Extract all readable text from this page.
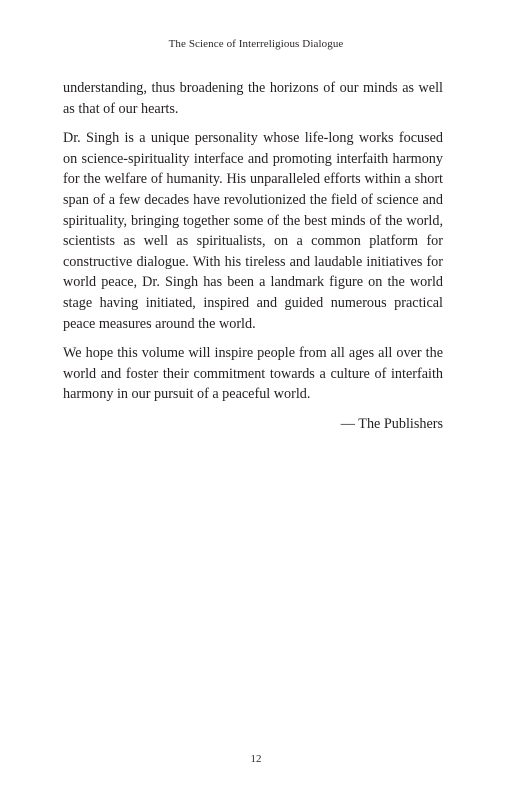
The Science of Interreligious Dialogue

understanding, thus broadening the horizons of our minds as well as that of our hearts.

Dr. Singh is a unique personality whose life-long works focused on science-spirituality interface and promoting interfaith harmony for the welfare of humanity. His unparalleled efforts within a short span of a few decades have revolutionized the field of science and spirituality, bringing together some of the best minds of the world, scientists as well as spiritualists, on a common platform for constructive dialogue. With his tireless and laudable initiatives for world peace, Dr. Singh has been a landmark figure on the world stage having initiated, inspired and guided numerous practical peace measures around the world.

We hope this volume will inspire people from all ages all over the world and foster their commitment towards a culture of interfaith harmony in our pursuit of a peaceful world.

— The Publishers
12
